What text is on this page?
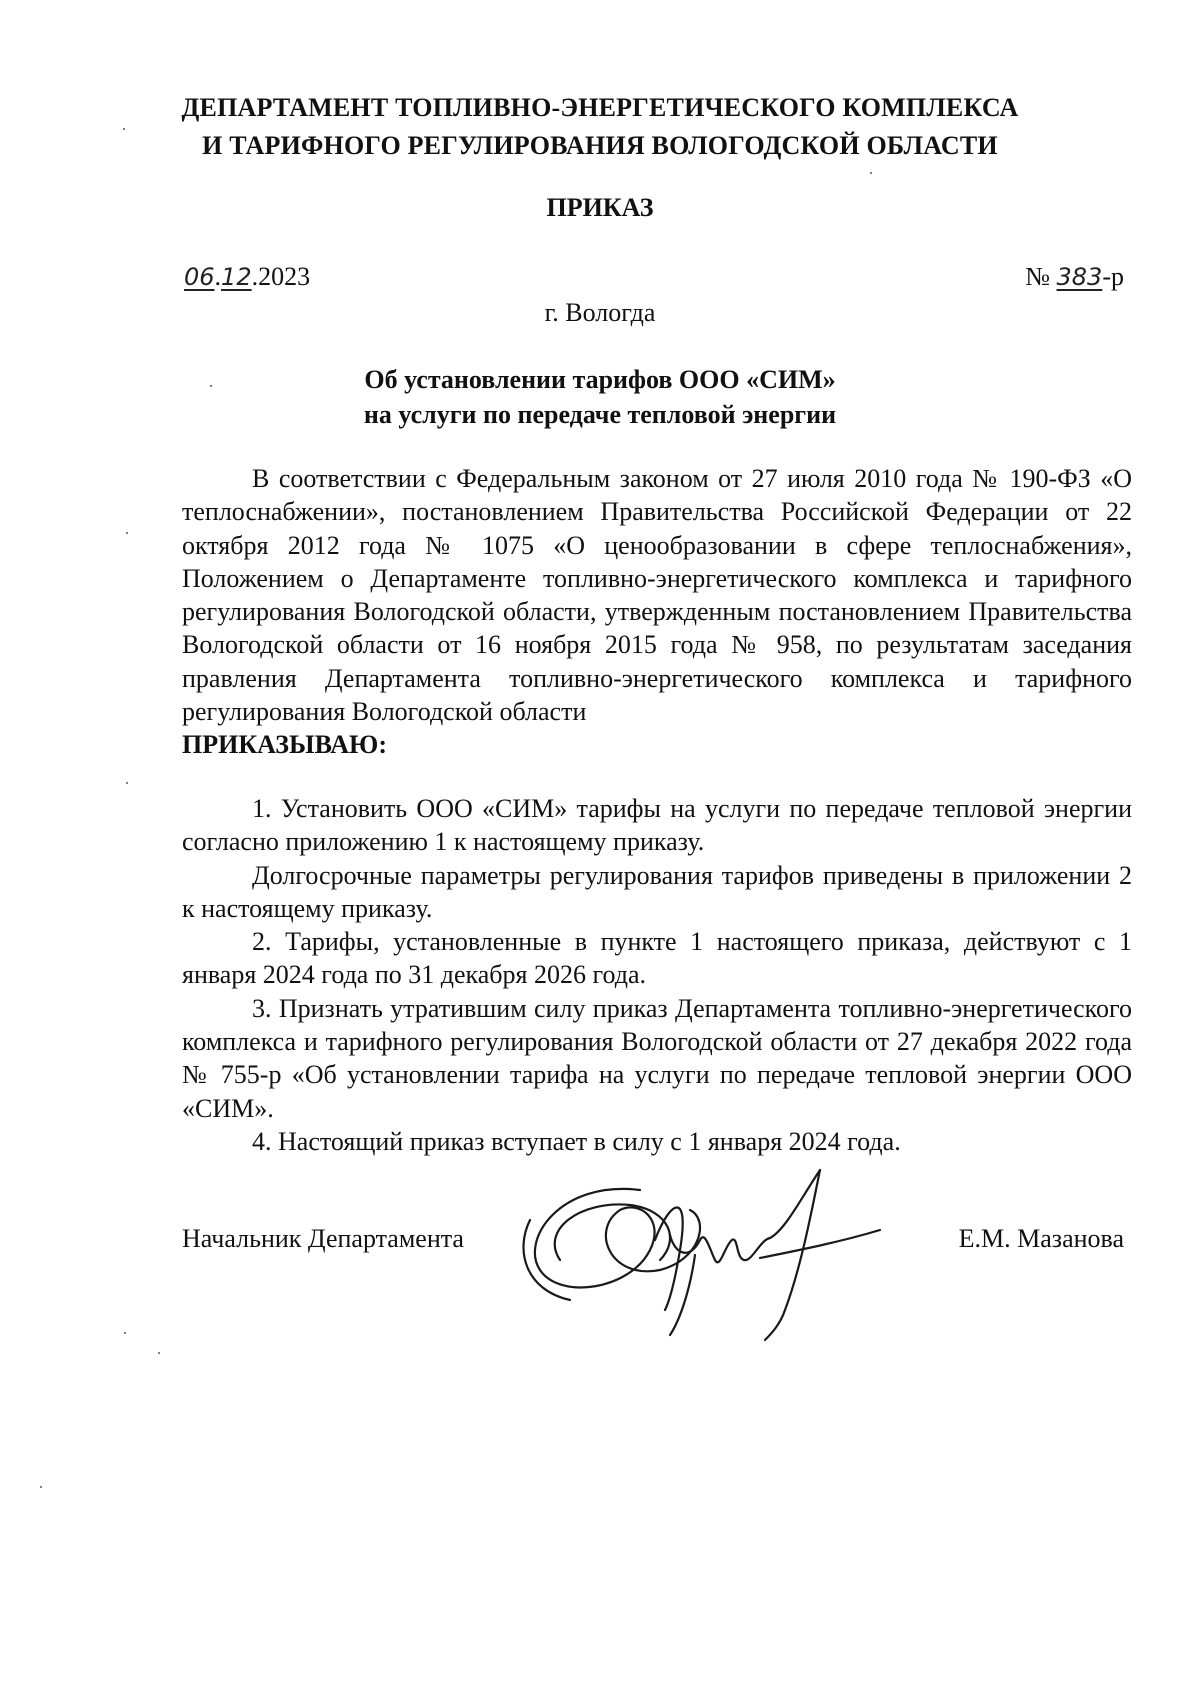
ДЕПАРТАМЕНТ ТОПЛИВНО-ЭНЕРГЕТИЧЕСКОГО КОМПЛЕКСА
И ТАРИФНОГО РЕГУЛИРОВАНИЯ ВОЛОГОДСКОЙ ОБЛАСТИ
ПРИКАЗ
06.12.2023	№ 383-р
г. Вологда
Об установлении тарифов ООО «СИМ»
на услуги по передаче тепловой энергии

В соответствии с Федеральным законом от 27 июля 2010 года № 190-ФЗ «О теплоснабжении», постановлением Правительства Российской Федерации от 22 октября 2012 года № 1075 «О ценообразовании в сфере теплоснабжения», Положением о Департаменте топливно-энергетического комплекса и тарифного регулирования Вологодской области, утвержденным постановлением Правительства Вологодской области от 16 ноября 2015 года № 958, по результатам заседания правления Департамента топливно-энергетического комплекса и тарифного регулирования Вологодской области

ПРИКАЗЫВАЮ:

1. Установить ООО «СИМ» тарифы на услуги по передаче тепловой энергии согласно приложению 1 к настоящему приказу.

Долгосрочные параметры регулирования тарифов приведены в приложении 2 к настоящему приказу.

2. Тарифы, установленные в пункте 1 настоящего приказа, действуют с 1 января 2024 года по 31 декабря 2026 года.

3. Признать утратившим силу приказ Департамента топливно-энергетического комплекса и тарифного регулирования Вологодской области от 27 декабря 2022 года № 755-р «Об установлении тарифа на услуги по передаче тепловой энергии ООО «СИМ».

4. Настоящий приказ вступает в силу с 1 января 2024 года.

Начальник Департамента	Е.М. Мазанова
